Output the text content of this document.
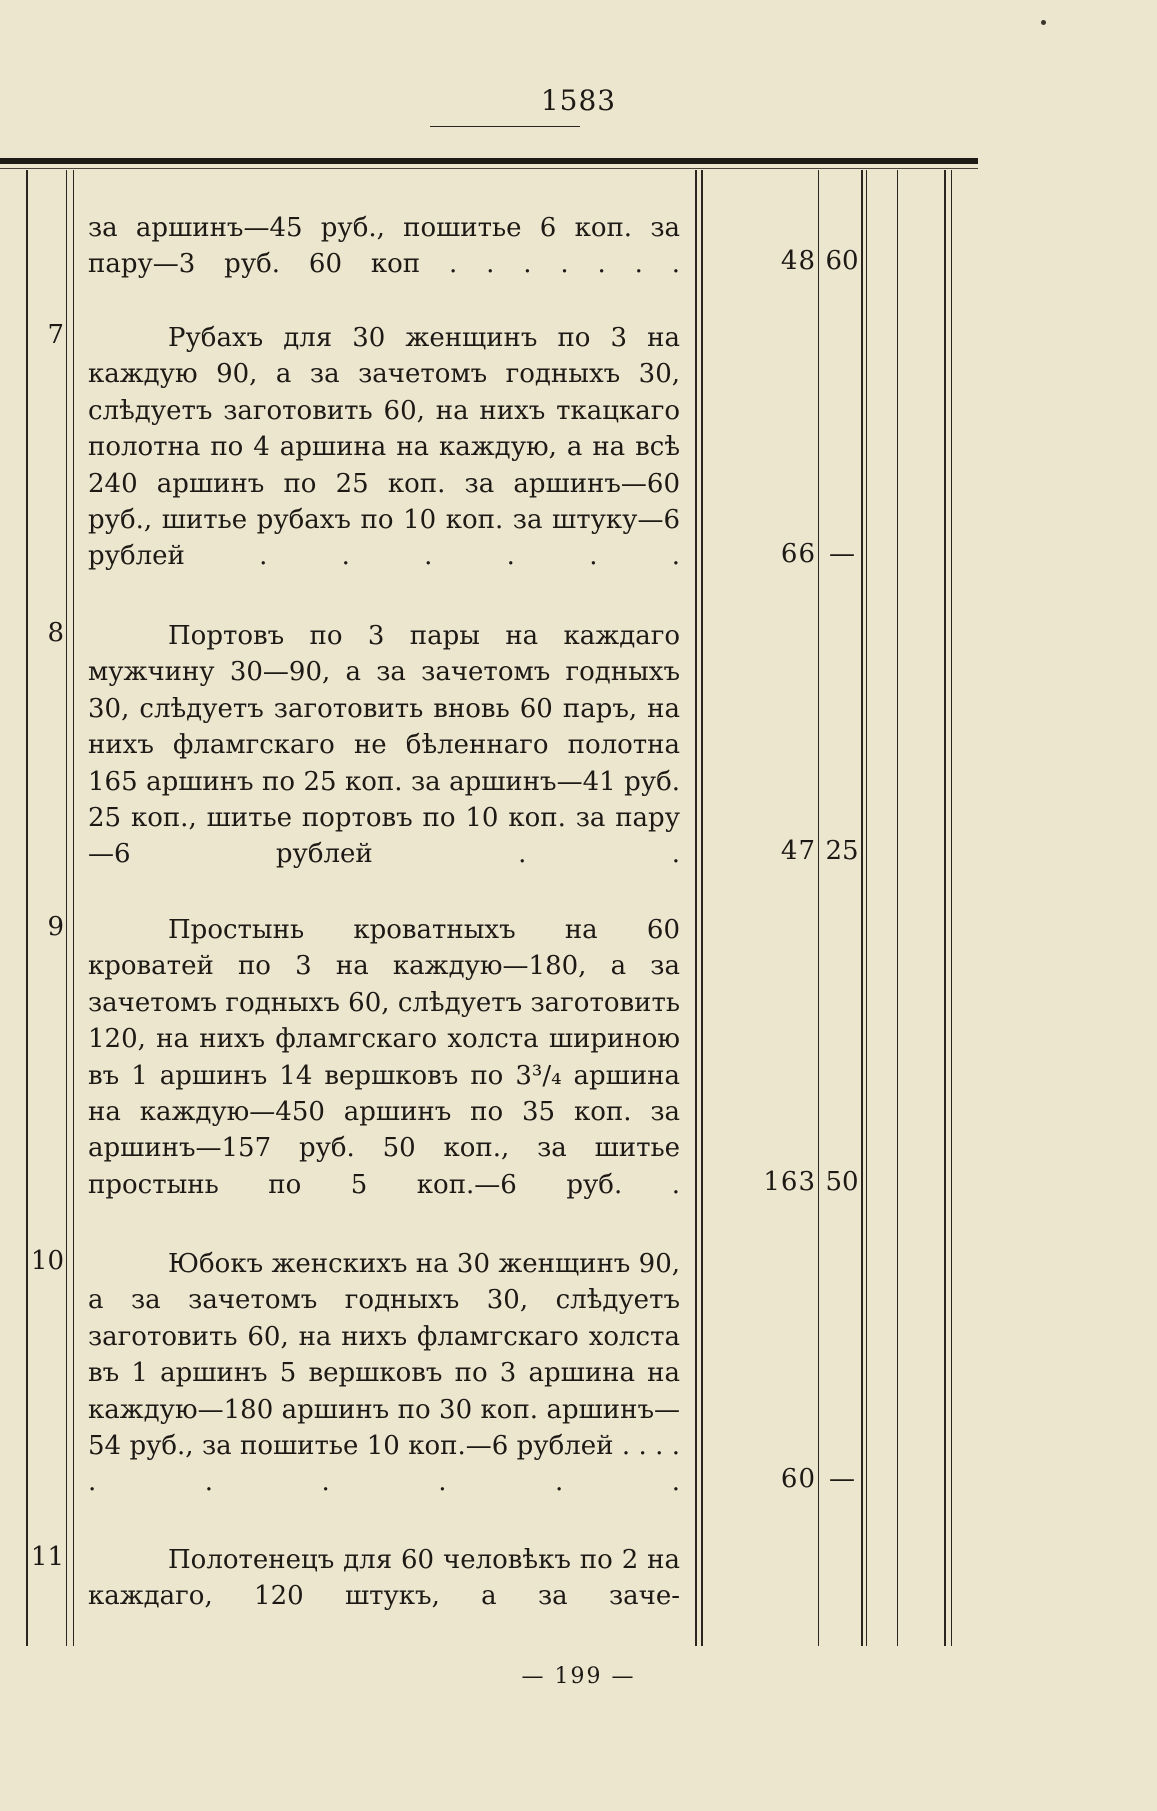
1583
за аршинъ—45 руб., пошитье 6 коп. за пару—3 руб. 60 коп . . . . . . .	48 60
7	Рубахъ для 30 женщинъ по 3 на каждую 90, а за зачетомъ годныхъ 30, слѣдуетъ заготовить 60, на нихъ ткацкаго полотна по 4 аршина на каждую, а на всѣ 240 аршинъ по 25 коп. за аршинъ—60 руб., шитье рубахъ по 10 коп. за штуку—6 рублей . . . . . .	66 —
8	Портовъ по 3 пары на каждаго мужчину 30—90, а за зачетомъ годныхъ 30, слѣдуетъ заготовить вновь 60 паръ, на нихъ фламгскаго не бѣленнаго полотна 165 аршинъ по 25 коп. за аршинъ—41 руб. 25 коп., шитье портовъ по 10 коп. за пару—6 рублей . .	47 25
9	Простынь кроватныхъ на 60 кроватей по 3 на каждую—180, а за зачетомъ годныхъ 60, слѣдуетъ заготовить 120, на нихъ фламгскаго холста шириною въ 1 аршинъ 14 вершковъ по 3³/₄ аршина на каждую—450 аршинъ по 35 коп. за аршинъ—157 руб. 50 коп., за шитье простынь по 5 коп.—6 руб. .	163 50
10	Юбокъ женскихъ на 30 женщинъ 90, а за зачетомъ годныхъ 30, слѣдуетъ заготовить 60, на нихъ фламгскаго холста въ 1 аршинъ 5 вершковъ по 3 аршина на каждую—180 аршинъ по 30 коп. аршинъ—54 руб., за пошитье 10 коп.—6 рублей . . . . . . . . . .	60 —
11	Полотенецъ для 60 человѣкъ по 2 на каждаго, 120 штукъ, а за заче-
— 199 —
